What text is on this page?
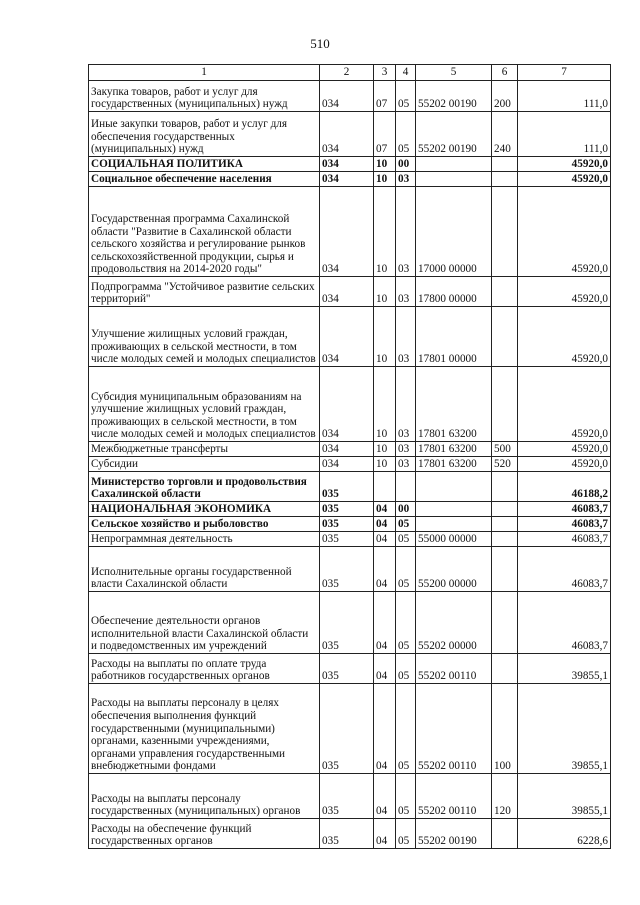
510
1	2	3	4	5	6	7
Закупка товаров, работ и услуг для государственных (муниципальных) нужд	034	07	05	55202 00190	200	111,0
Иные закупки товаров, работ и услуг для обеспечения государственных (муниципальных) нужд	034	07	05	55202 00190	240	111,0
СОЦИАЛЬНАЯ ПОЛИТИКА	034	10	00			45920,0
Социальное обеспечение населения	034	10	03			45920,0
Государственная программа Сахалинской области "Развитие в Сахалинской области сельского хозяйства и регулирование рынков сельскохозяйственной продукции, сырья и продовольствия на 2014-2020 годы"	034	10	03	17000 00000		45920,0
Подпрограмма "Устойчивое развитие сельских территорий"	034	10	03	17800 00000		45920,0
Улучшение жилищных условий граждан, проживающих в сельской местности, в том числе молодых семей и молодых специалистов	034	10	03	17801 00000		45920,0
Субсидия муниципальным образованиям на улучшение жилищных условий граждан, проживающих в сельской местности, в том числе молодых семей и молодых специалистов	034	10	03	17801 63200		45920,0
Межбюджетные трансферты	034	10	03	17801 63200	500	45920,0
Субсидии	034	10	03	17801 63200	520	45920,0
Министерство торговли и продовольствия Сахалинской области	035					46188,2
НАЦИОНАЛЬНАЯ ЭКОНОМИКА	035	04	00			46083,7
Сельское хозяйство и рыболовство	035	04	05			46083,7
Непрограммная деятельность	035	04	05	55000 00000		46083,7
Исполнительные органы государственной власти Сахалинской области	035	04	05	55200 00000		46083,7
Обеспечение деятельности органов исполнительной власти Сахалинской области и подведомственных им учреждений	035	04	05	55202 00000		46083,7
Расходы на выплаты по оплате труда работников государственных органов	035	04	05	55202 00110		39855,1
Расходы на выплаты персоналу в целях обеспечения выполнения функций государственными (муниципальными) органами, казенными учреждениями, органами управления государственными внебюджетными фондами	035	04	05	55202 00110	100	39855,1
Расходы на выплаты персоналу государственных (муниципальных) органов	035	04	05	55202 00110	120	39855,1
Расходы на обеспечение функций государственных органов	035	04	05	55202 00190		6228,6
